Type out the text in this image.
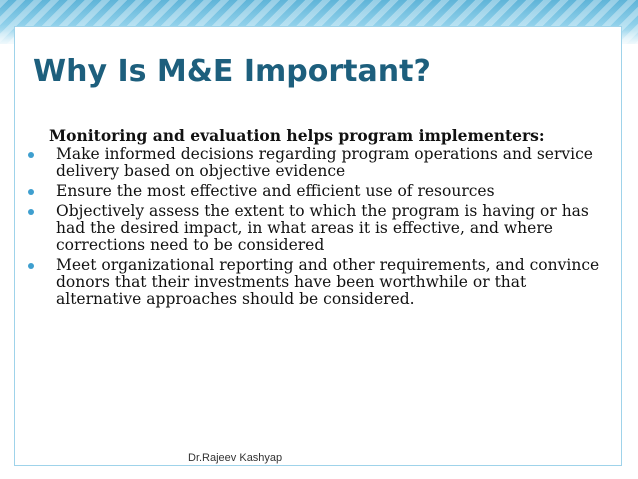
Why Is M&E Important?

Monitoring and evaluation helps program implementers:

Make informed decisions regarding program operations and service delivery based on objective evidence
Ensure the most effective and efficient use of resources
Objectively assess the extent to which the program is having or has had the desired impact, in what areas it is effective, and where corrections need to be considered
Meet organizational reporting and other requirements, and convince donors that their investments have been worthwhile or that alternative approaches should be considered.
Dr.Rajeev Kashyap
